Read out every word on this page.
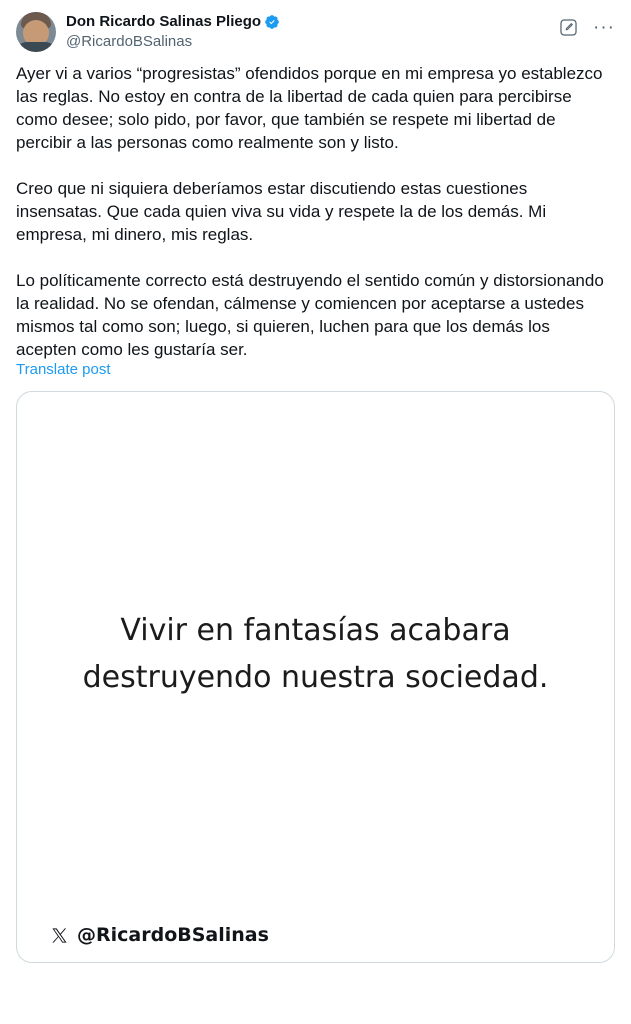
Don Ricardo Salinas Pliego
@RicardoBSalinas
···

Ayer vi a varios “progresistas” ofendidos porque en mi empresa yo establezco las reglas. No estoy en contra de la libertad de cada quien para percibirse como desee; solo pido, por favor, que también se respete mi libertad de percibir a las personas como realmente son y listo.

Creo que ni siquiera deberíamos estar discutiendo estas cuestiones insensatas. Que cada quien viva su vida y respete la de los demás. Mi empresa, mi dinero, mis reglas.

Lo políticamente correcto está destruyendo el sentido común y distorsionando la realidad. No se ofendan, cálmense y comiencen por aceptarse a ustedes mismos tal como son; luego, si quieren, luchen para que los demás los acepten como les gustaría ser.

Translate post
Vivir en fantasías acabara destruyendo nuestra sociedad.
@RicardoBSalinas
